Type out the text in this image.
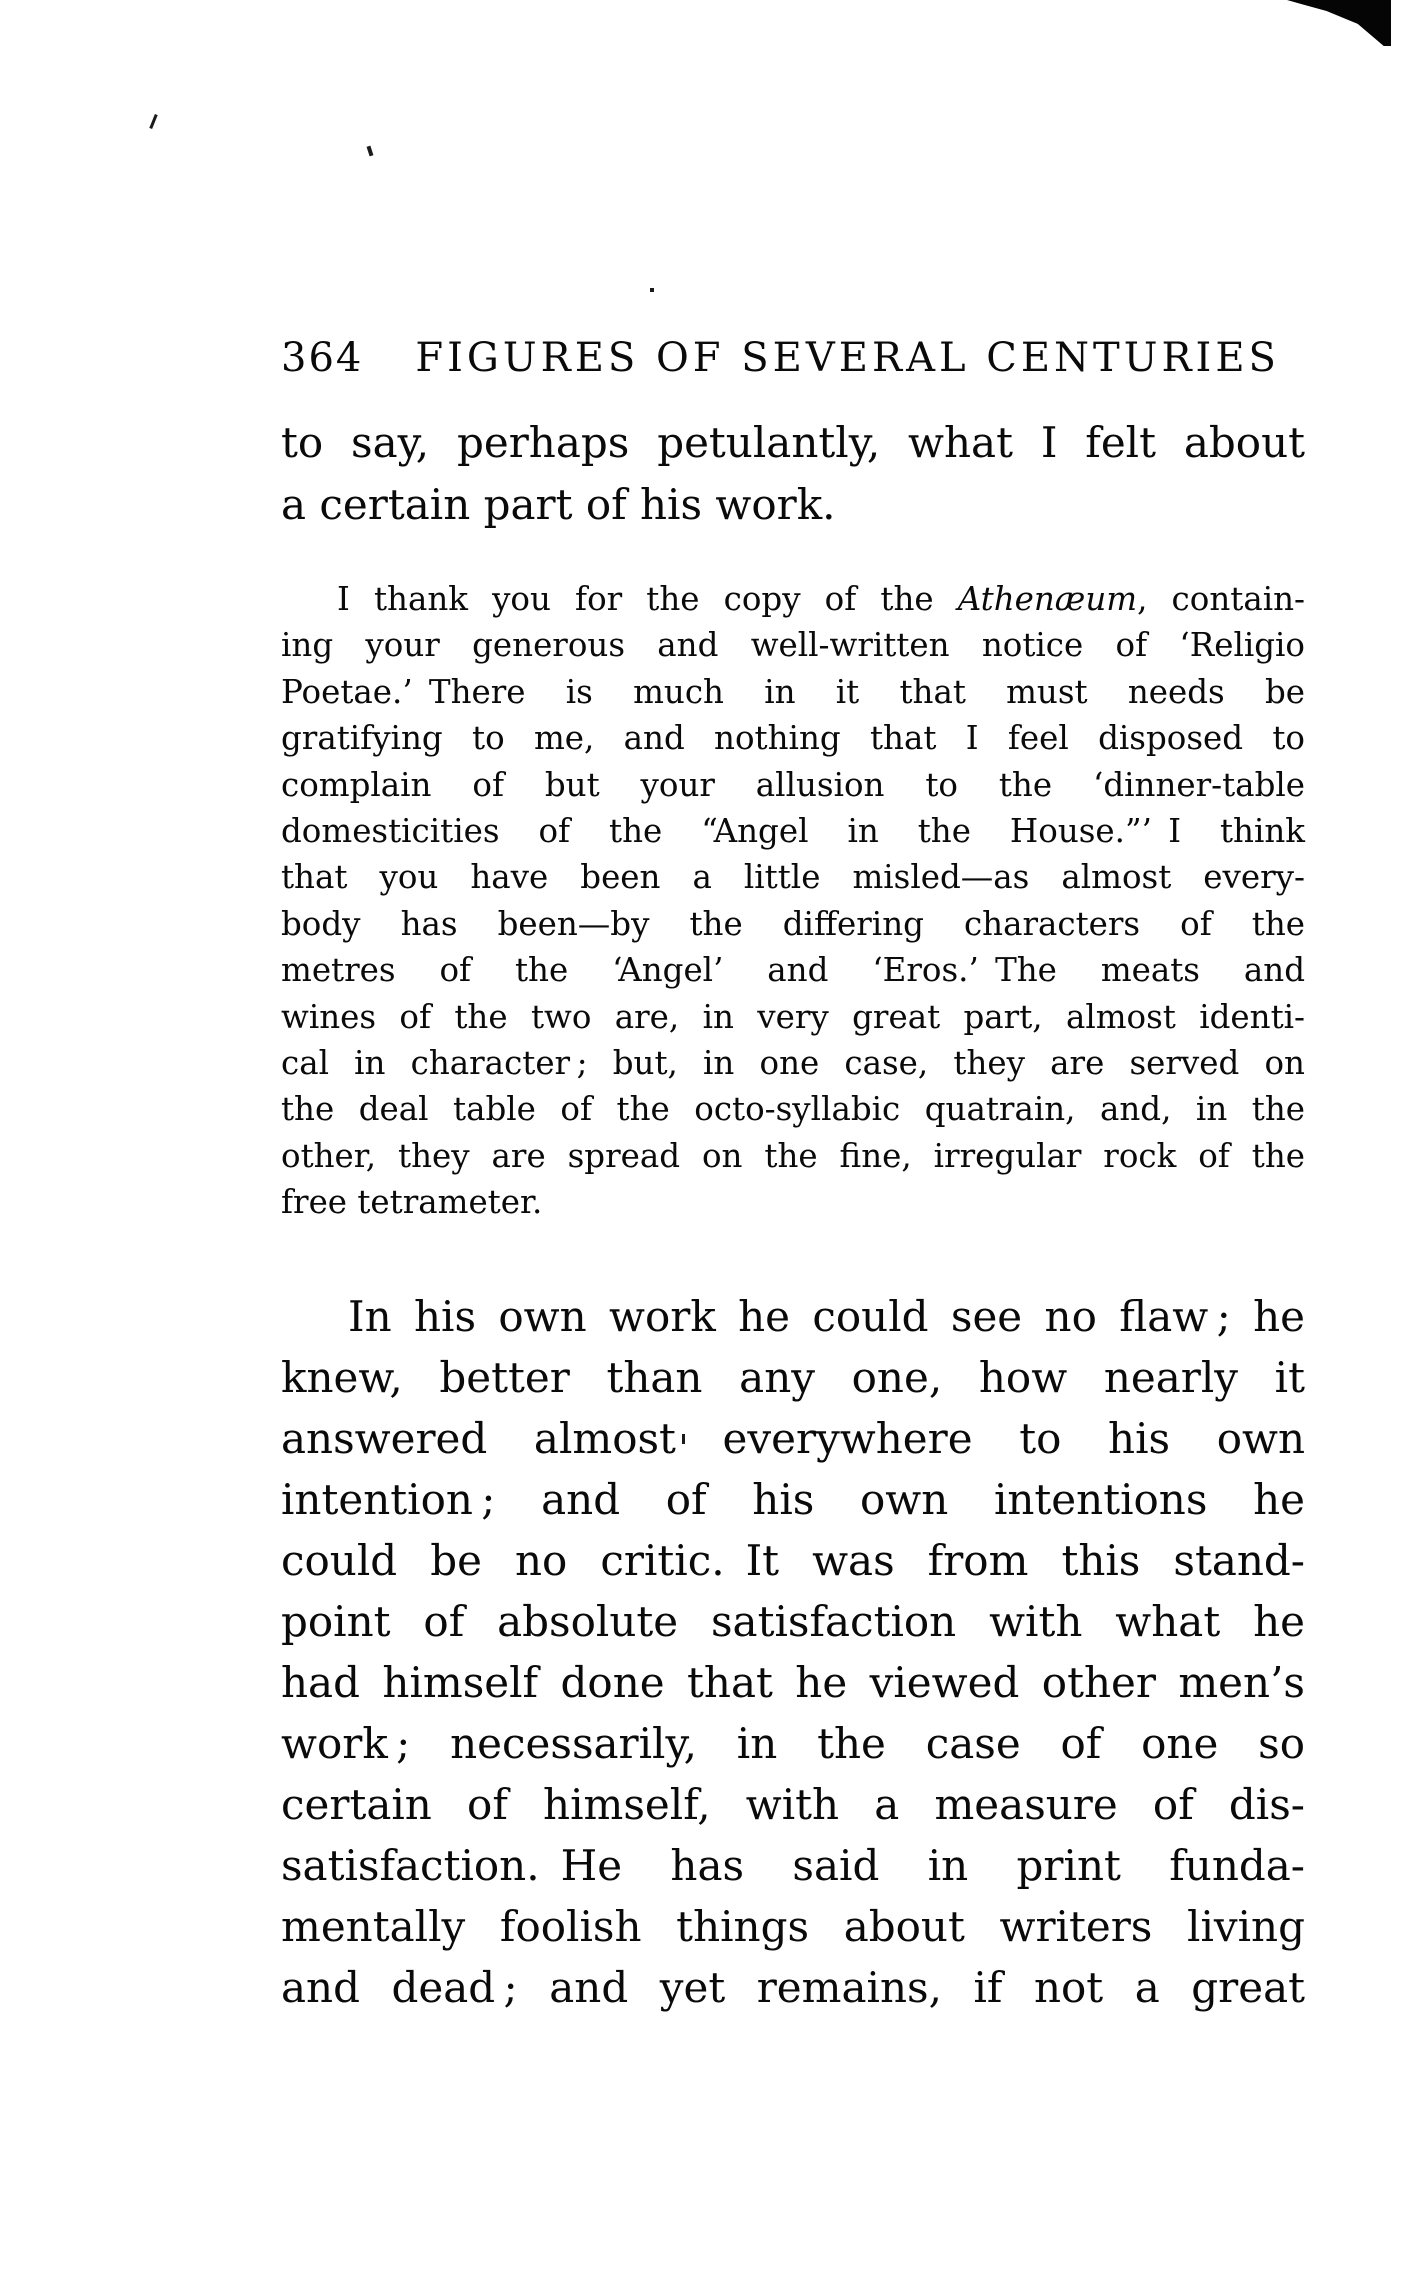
364 FIGURES OF SEVERAL CENTURIES
to say, perhaps petulantly, what I felt about
a certain part of his work.
I thank you for the copy of the Athenæum, contain-
ing your generous and well-written notice of ‘Religio
Poetae.’ There is much in it that must needs be
gratifying to me, and nothing that I feel disposed to
complain of but your allusion to the ‘dinner-table
domesticities of the “Angel in the House.”’ I think
that you have been a little misled—as almost every-
body has been—by the differing characters of the
metres of the ‘Angel’ and ‘Eros.’ The meats and
wines of the two are, in very great part, almost identi-
cal in character ; but, in one case, they are served on
the deal table of the octo-syllabic quatrain, and, in the
other, they are spread on the fine, irregular rock of the
free tetrameter.
In his own work he could see no flaw ; he
knew, better than any one, how nearly it
answered almost everywhere to his own
intention ; and of his own intentions he
could be no critic. It was from this stand-
point of absolute satisfaction with what he
had himself done that he viewed other men’s
work ; necessarily, in the case of one so
certain of himself, with a measure of dis-
satisfaction. He has said in print funda-
mentally foolish things about writers living
and dead ; and yet remains, if not a great
